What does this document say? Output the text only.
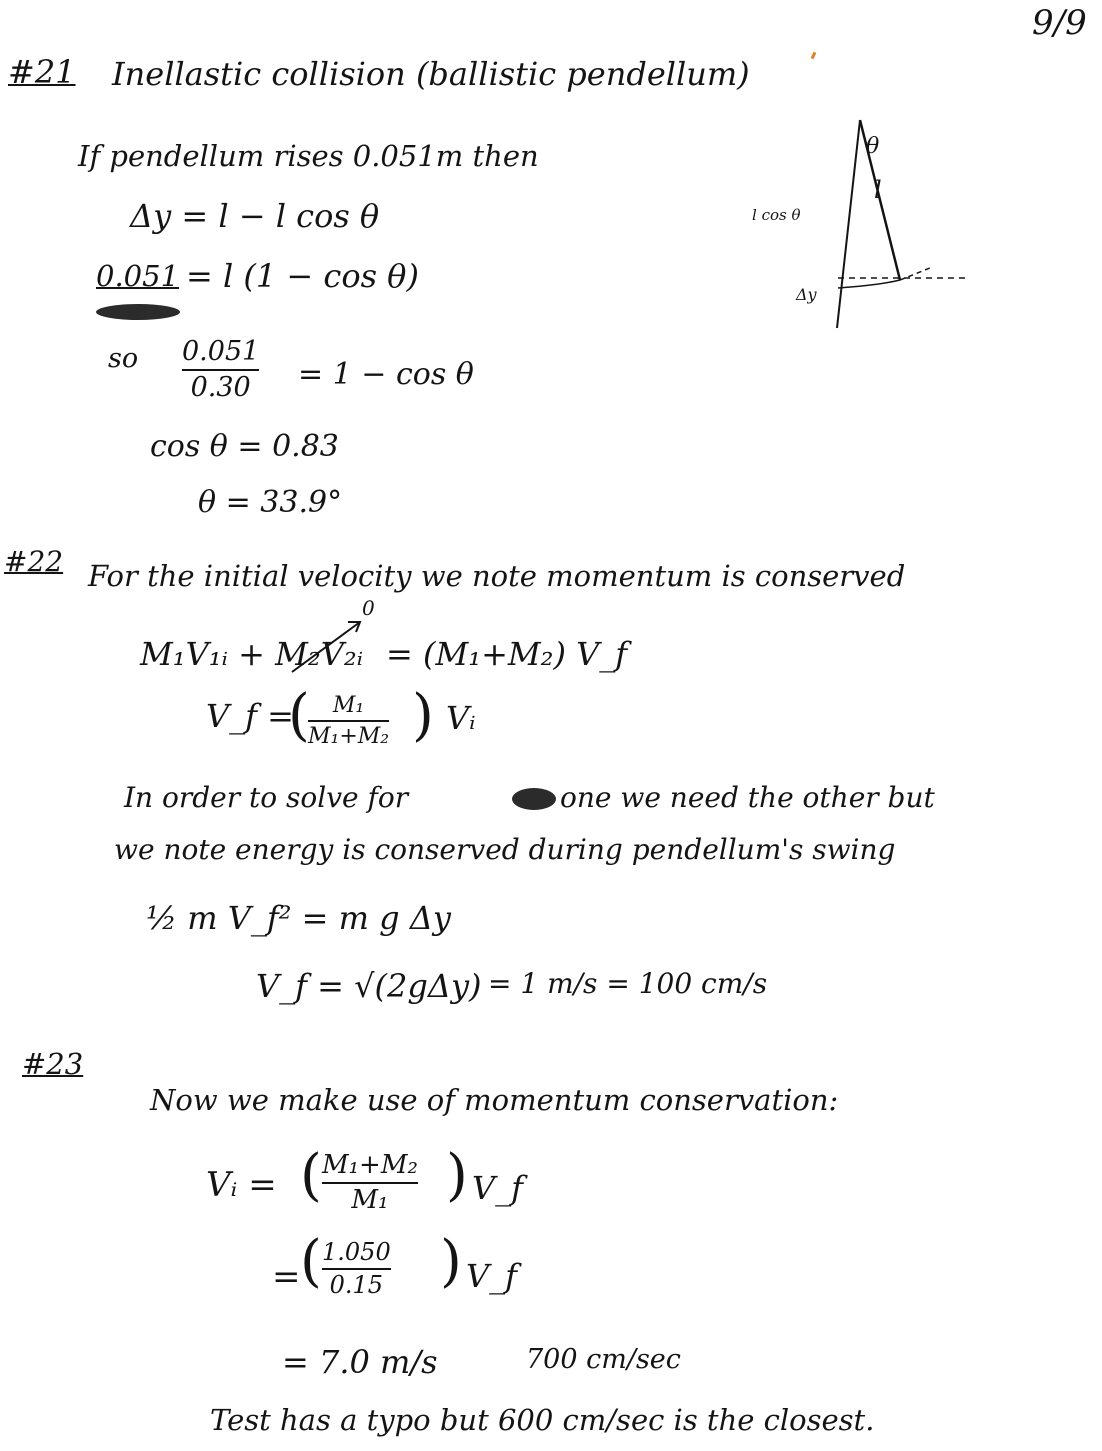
9/9
#21 Inellastic collision (ballistic pendellum)
If pendellum rises 0.051m then
Δy = l − l cos θ
0.051 = l (1 − cos θ)
so 0.051
0.30 = 1 − cos θ
cos θ = 0.83
θ = 33.9°
θ
l
l cos θ
Δy
#22 For the initial velocity we note momentum is conserved
0
M₁V₁ᵢ + M₂V₂ᵢ = (M₁+M₂) V_f
V_f =
( M₁
M₁+M₂ ) Vᵢ
In order to solve for	one we need the other but
we note energy is conserved during pendellum's swing
½ m V_f² = m g Δy
V_f = √(2gΔy) = 1 m/s = 100 cm/s
#23
Now we make use of momentum conservation:
Vᵢ = ( M₁+M₂
M₁ ) V_f
= ( 1.050
0.15 ) V_f
= 7.0 m/s	700 cm/sec
Test has a typo but 600 cm/sec is the closest.
